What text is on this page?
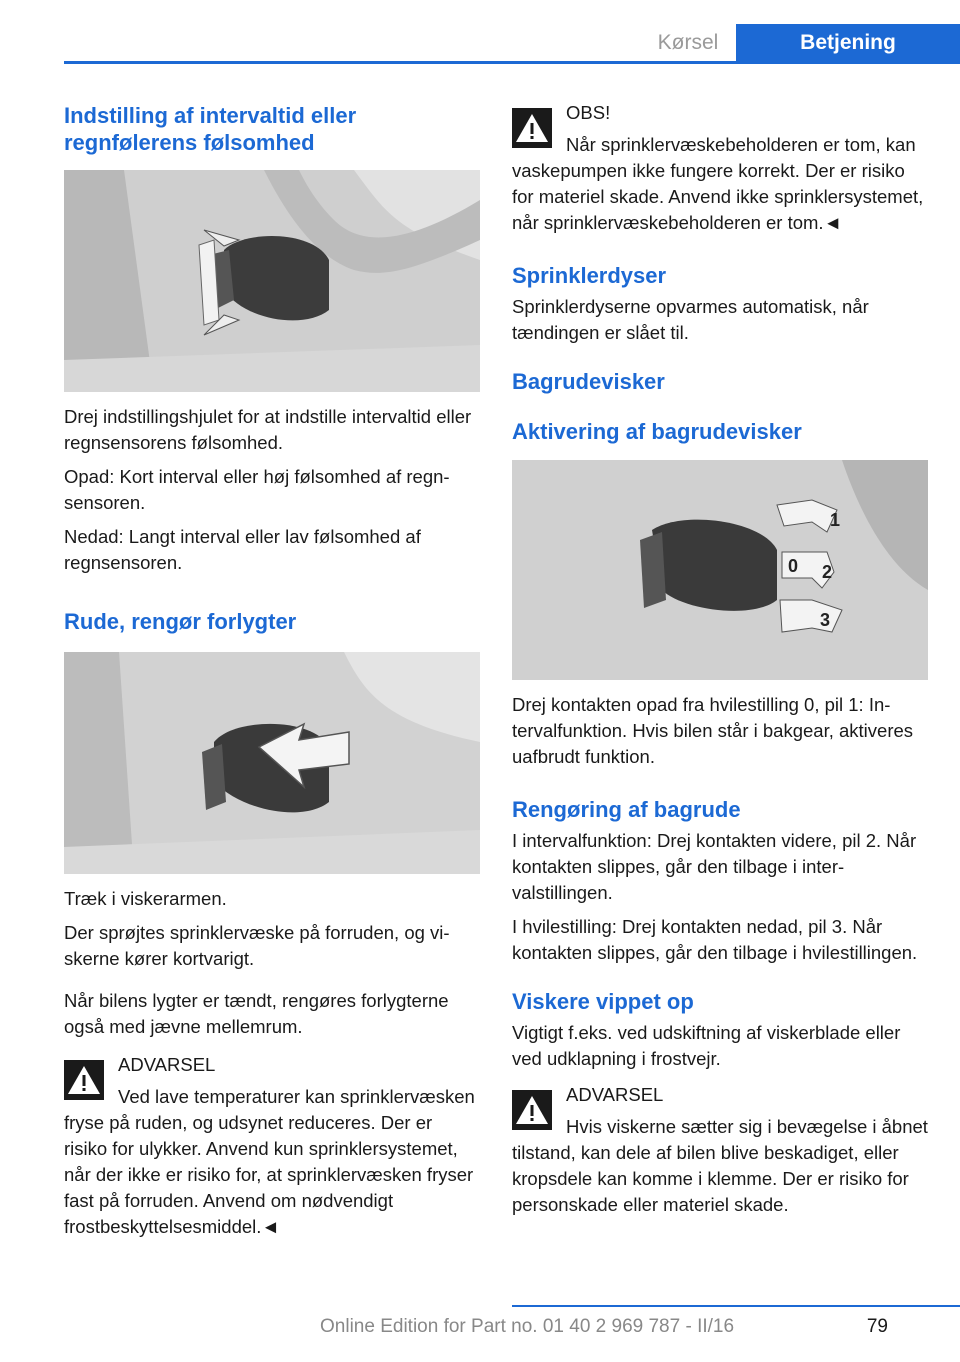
Kørsel	Betjening
Indstilling af intervaltid eller regnfølerens følsomhed

Drej indstillingshjulet for at indstille intervaltid eller regnsensorens følsomhed.

Opad: Kort interval eller høj følsomhed af regnsensoren.

Nedad: Langt interval eller lav følsomhed af regnsensoren.

Rude, rengør forlygter

Træk i viskerarmen.

Der sprøjtes sprinklervæske på forruden, og viskerne kører kortvarigt.

Når bilens lygter er tændt, rengøres forlygterne også med jævne mellemrum.

ADVARSEL
Ved lave temperaturer kan sprinklervæsken fryse på ruden, og udsynet reduceres. Der er risiko for ulykker. Anvend kun sprinklersystemet, når der ikke er risiko for, at sprinklervæsken fryser fast på forruden. Anvend om nødvendigt frostbeskyttelsesmiddel.◄
OBS!
Når sprinklervæskebeholderen er tom, kan vaskepumpen ikke fungere korrekt. Der er risiko for materiel skade. Anvend ikke sprinklersystemet, når sprinklervæskebeholderen er tom.◄
Sprinklerdyser

Sprinklerdyserne opvarmes automatisk, når tændingen er slået til.

Bagrudevisker
Aktivering af bagrudevisker
1
0 2
3

Drej kontakten opad fra hvilestilling 0, pil 1: Intervalfunktion. Hvis bilen står i bakgear, aktiveres uafbrudt funktion.

Rengøring af bagrude

I intervalfunktion: Drej kontakten videre, pil 2. Når kontakten slippes, går den tilbage i intervalstillingen.

I hvilestilling: Drej kontakten nedad, pil 3. Når kontakten slippes, går den tilbage i hvilestillingen.

Viskere vippet op

Vigtigt f.eks. ved udskiftning af viskerblade eller ved udklapning i frostvejr.

ADVARSEL
Hvis viskerne sætter sig i bevægelse i åbnet tilstand, kan dele af bilen blive beskadiget, eller kropsdele kan komme i klemme. Der er risiko for personskade eller materiel skade.
79
Online Edition for Part no. 01 40 2 969 787 - II/16
